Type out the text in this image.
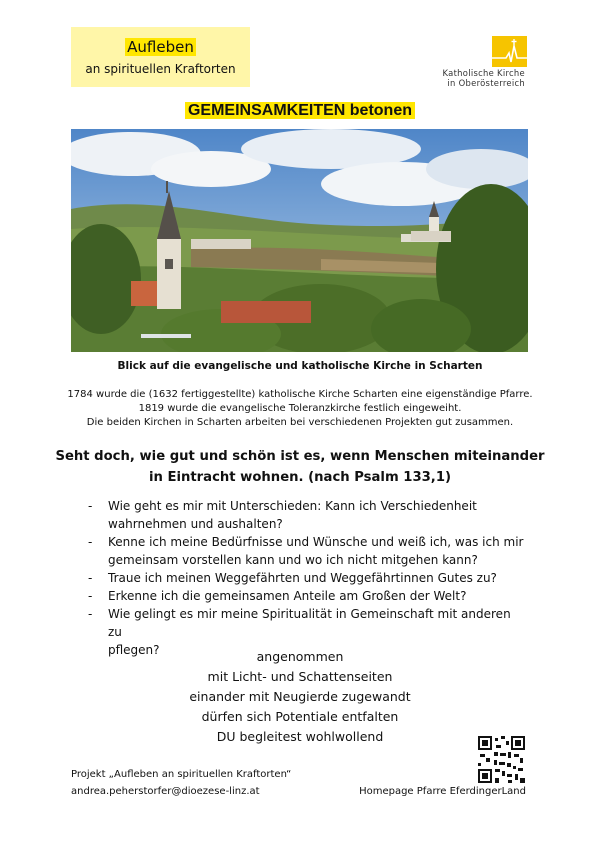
Aufleben
an spirituellen Kraftorten	Katholische Kirche
in Oberösterreich
GEMEINSAMKEITEN betonen
Blick auf die evangelische und katholische Kirche in Scharten
1784 wurde die (1632 fertiggestellte) katholische Kirche Scharten eine eigenständige Pfarre.
1819 wurde die evangelische Toleranzkirche festlich eingeweiht.
Die beiden Kirchen in Scharten arbeiten bei verschiedenen Projekten gut zusammen.
Seht doch, wie gut und schön ist es, wenn Menschen miteinander
in Eintracht wohnen. (nach Psalm 133,1)
- Wie geht es mir mit Unterschieden: Kann ich Verschiedenheit
wahrnehmen und aushalten?
- Kenne ich meine Bedürfnisse und Wünsche und weiß ich, was ich mir
gemeinsam vorstellen kann und wo ich nicht mitgehen kann?
- Traue ich meinen Weggefährten und Weggefährtinnen Gutes zu?
- Erkenne ich die gemeinsamen Anteile am Großen der Welt?
- Wie gelingt es mir meine Spiritualität in Gemeinschaft mit anderen zu
pflegen?	angenommen
mit Licht- und Schattenseiten
einander mit Neugierde zugewandt
dürfen sich Potentiale entfalten
DU begleitest wohlwollend
Projekt „Aufleben an spirituellen Kraftorten“
andrea.peherstorfer@dioezese-linz.at	Homepage Pfarre EferdingerLand
